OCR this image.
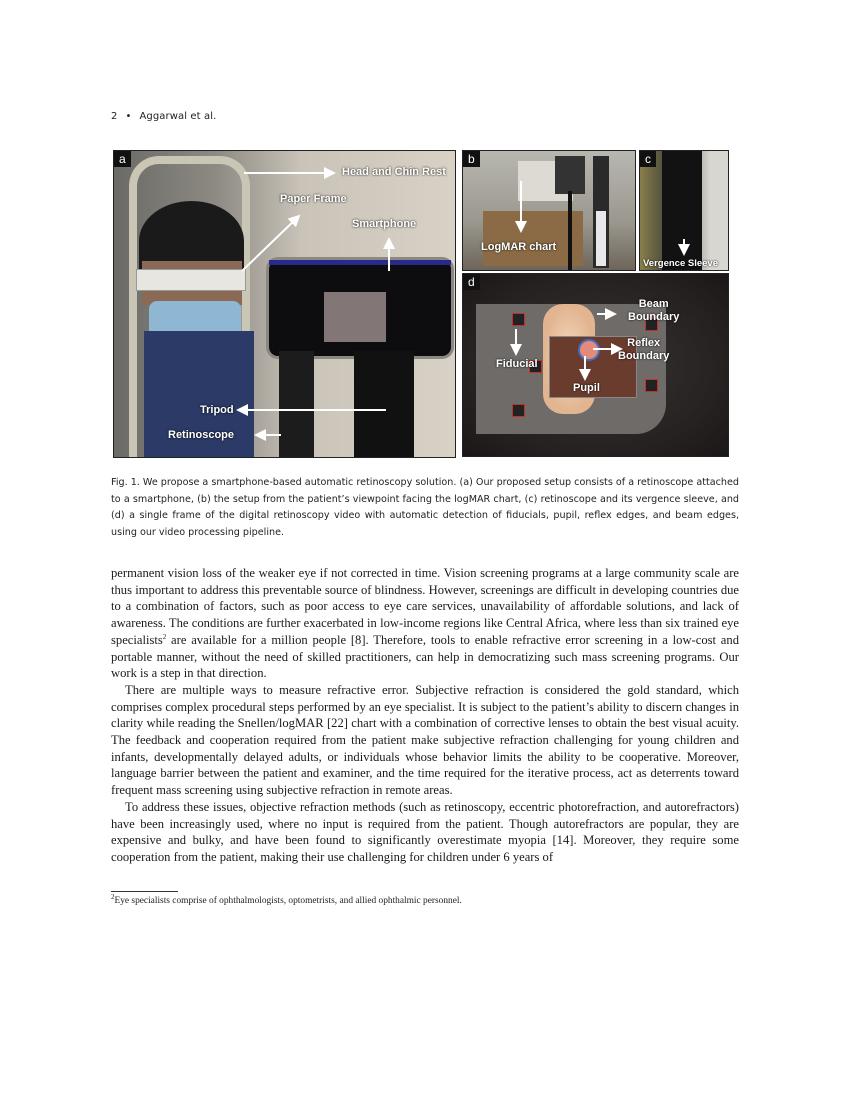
2 • Aggarwal et al.
a
Head and Chin Rest
Paper Frame
Smartphone
Tripod
Retinoscope
b
LogMAR chart
c
Vergence Sleeve
d
Beam
Boundary
Reflex
Boundary
Fiducial
Pupil
Fig. 1. We propose a smartphone-based automatic retinoscopy solution. (a) Our proposed setup consists of a retinoscope attached to a smartphone, (b) the setup from the patient’s viewpoint facing the logMAR chart, (c) retinoscope and its vergence sleeve, and (d) a single frame of the digital retinoscopy video with automatic detection of fiducials, pupil, reflex edges, and beam edges, using our video processing pipeline.

permanent vision loss of the weaker eye if not corrected in time. Vision screening programs at a large community scale are thus important to address this preventable source of blindness. However, screenings are difficult in developing countries due to a combination of factors, such as poor access to eye care services, unavailability of affordable solutions, and lack of awareness. The conditions are further exacerbated in low-income regions like Central Africa, where less than six trained eye specialists$^2$ are available for a million people [8]. Therefore, tools to enable refractive error screening in a low-cost and portable manner, without the need of skilled practitioners, can help in democratizing such mass screening programs. Our work is a step in that direction.

There are multiple ways to measure refractive error. Subjective refraction is considered the gold standard, which comprises complex procedural steps performed by an eye specialist. It is subject to the patient’s ability to discern changes in clarity while reading the Snellen/logMAR [22] chart with a combination of corrective lenses to obtain the best visual acuity. The feedback and cooperation required from the patient make subjective refraction challenging for young children and infants, developmentally delayed adults, or individuals whose behavior limits the ability to be cooperative. Moreover, language barrier between the patient and examiner, and the time required for the iterative process, act as deterrents toward frequent mass screening using subjective refraction in remote areas.

To address these issues, objective refraction methods (such as retinoscopy, eccentric photorefraction, and autorefractors) have been increasingly used, where no input is required from the patient. Though autorefractors are popular, they are expensive and bulky, and have been found to significantly overestimate myopia [14]. Moreover, they require some cooperation from the patient, making their use challenging for children under 6 years of

$^2$Eye specialists comprise of ophthalmologists, optometrists, and allied ophthalmic personnel.
